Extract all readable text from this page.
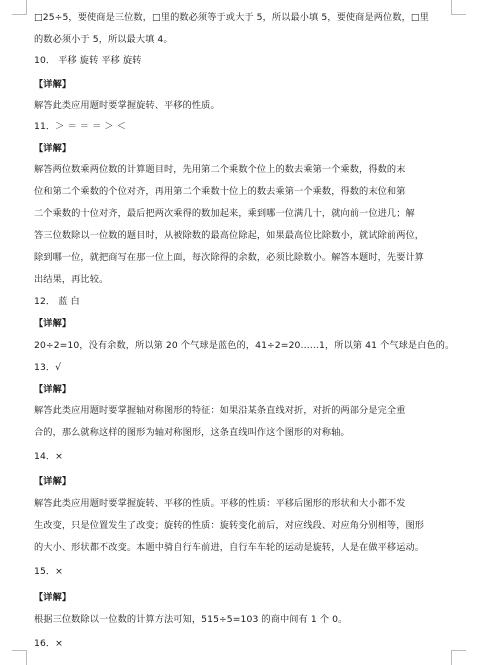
□25÷5，要使商是三位数，□里的数必须等于或大于 5，所以最小填 5，要使商是两位数，□里
的数必须小于 5，所以最大填 4。
10． 平移 旋转 平移 旋转
【详解】
解答此类应用题时要掌握旋转、平移的性质。
11．＞ ＝ ＝ ＝ ＞ ＜
【详解】
解答两位数乘两位数的计算题目时，先用第二个乘数个位上的数去乘第一个乘数，得数的末
位和第二个乘数的个位对齐，再用第二个乘数十位上的数去乘第一个乘数，得数的末位和第
二个乘数的十位对齐，最后把两次乘得的数加起来，乘到哪一位满几十，就向前一位进几；解
答三位数除以一位数的题目时，从被除数的最高位除起，如果最高位比除数小，就试除前两位，
除到哪一位，就把商写在那一位上面，每次除得的余数，必须比除数小。解答本题时，先要计算
出结果，再比较。
12． 蓝 白
【详解】
20÷2=10，没有余数，所以第 20 个气球是蓝色的，41÷2=20……1，所以第 41 个气球是白色的。
13．√
【详解】
解答此类应用题时要掌握轴对称图形的特征：如果沿某条直线对折，对折的两部分是完全重
合的，那么就称这样的图形为轴对称图形，这条直线叫作这个图形的对称轴。
14．×
【详解】
解答此类应用题时要掌握旋转、平移的性质。平移的性质：平移后图形的形状和大小都不发
生改变，只是位置发生了改变；旋转的性质：旋转变化前后，对应线段、对应角分别相等，图形
的大小、形状都不改变。本题中骑自行车前进，自行车车轮的运动是旋转，人是在做平移运动。
15．×
【详解】
根据三位数除以一位数的计算方法可知，515÷5=103 的商中间有 1 个 0。
16．×
